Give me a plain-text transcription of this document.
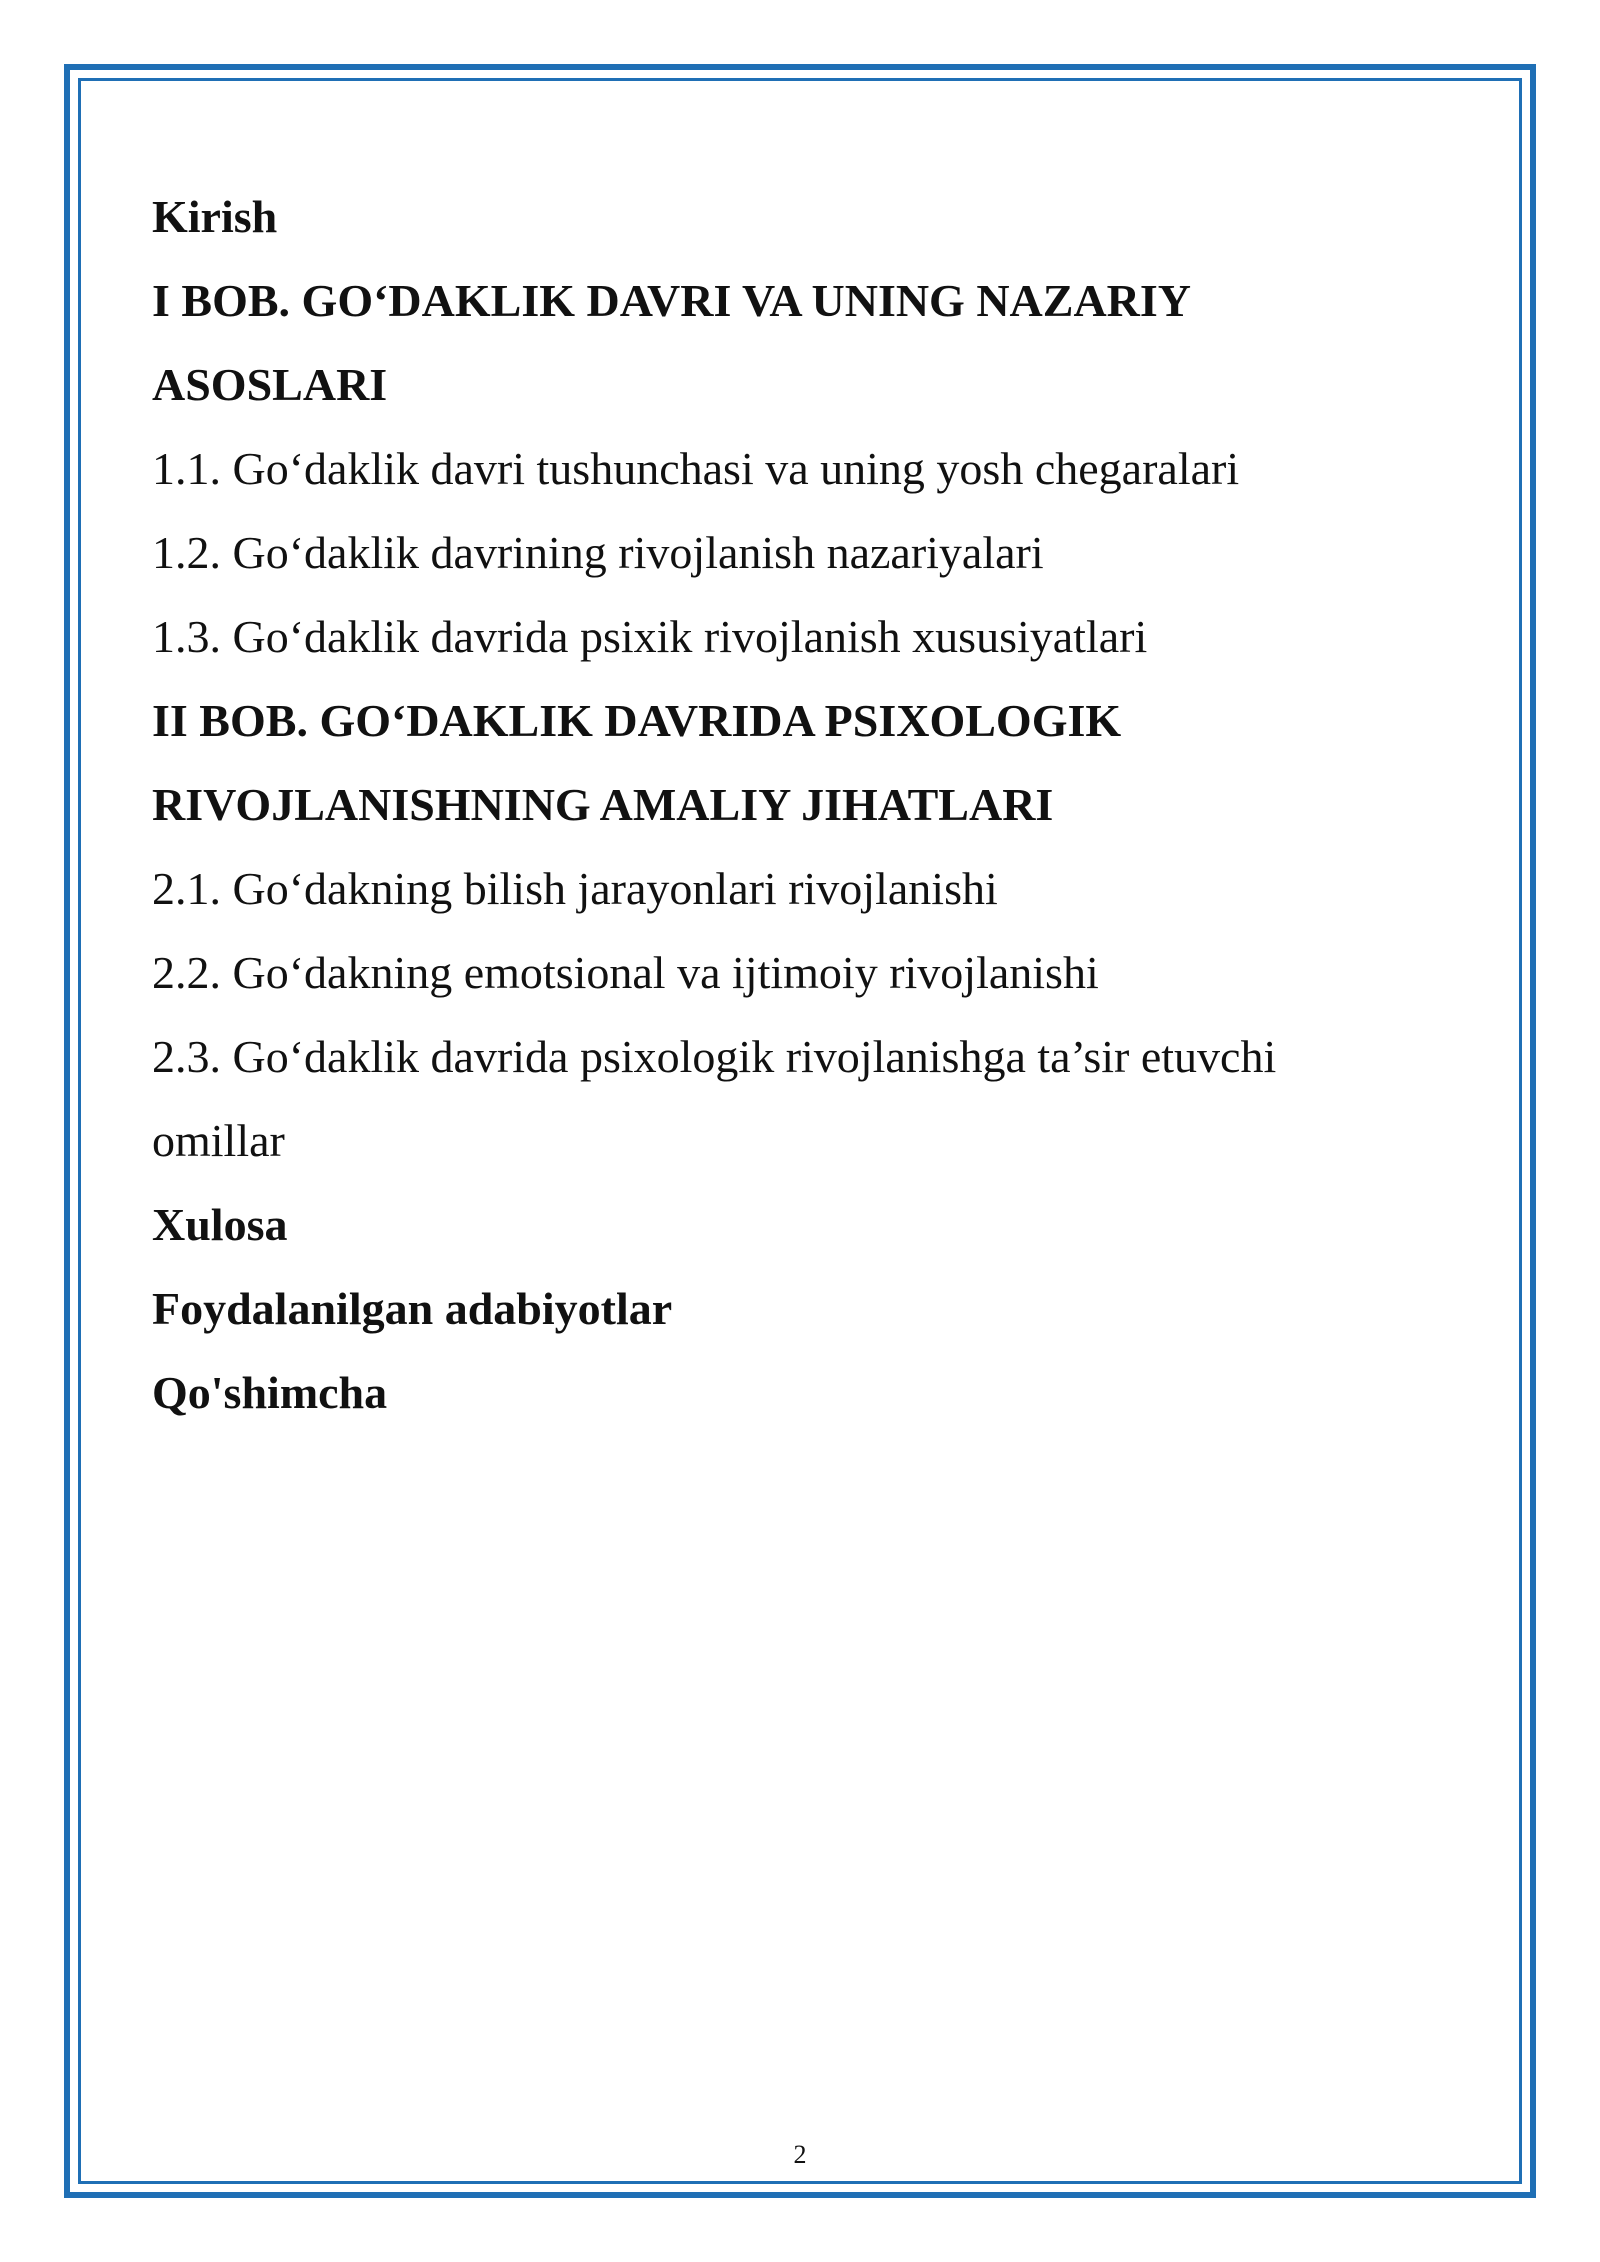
Kirish

I BOB. GO‘DAKLIK DAVRI VA UNING NAZARIY

ASOSLARI

1.1. Go‘daklik davri tushunchasi va uning yosh chegaralari

1.2. Go‘daklik davrining rivojlanish nazariyalari

1.3. Go‘daklik davrida psixik rivojlanish xususiyatlari

II BOB. GO‘DAKLIK DAVRIDA PSIXOLOGIK

RIVOJLANISHNING AMALIY JIHATLARI

2.1. Go‘dakning bilish jarayonlari rivojlanishi

2.2. Go‘dakning emotsional va ijtimoiy rivojlanishi

2.3. Go‘daklik davrida psixologik rivojlanishga ta’sir etuvchi

omillar

Xulosa

Foydalanilgan adabiyotlar

Qo'shimcha

2
